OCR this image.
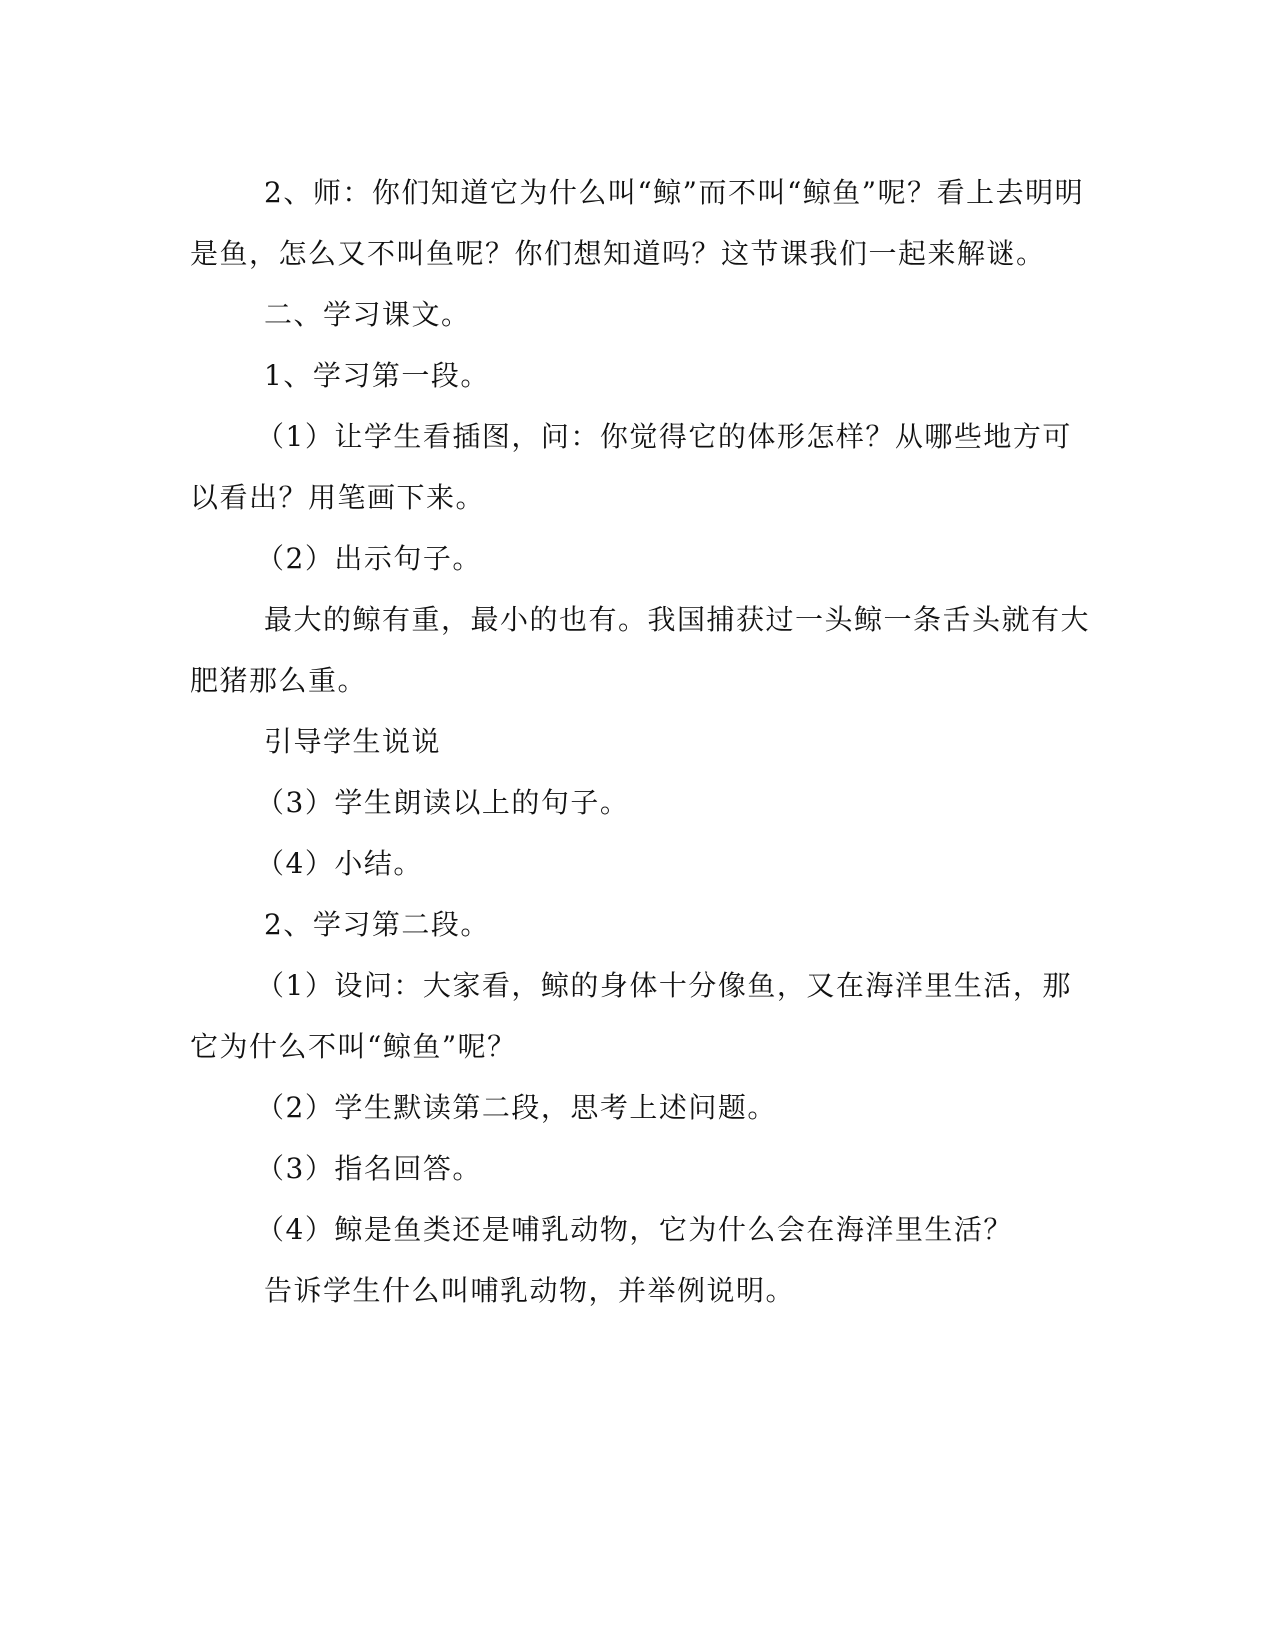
2、师：你们知道它为什么叫“鲸”而不叫“鲸鱼”呢？看上去明明是鱼，怎么又不叫鱼呢？你们想知道吗？这节课我们一起来解谜。

二、学习课文。

1、学习第一段。

（1）让学生看插图，问：你觉得它的体形怎样？从哪些地方可以看出？用笔画下来。

（2）出示句子。

最大的鲸有重，最小的也有。我国捕获过一头鲸一条舌头就有大肥猪那么重。

引导学生说说

（3）学生朗读以上的句子。

（4）小结。

2、学习第二段。

（1）设问：大家看，鲸的身体十分像鱼，又在海洋里生活，那它为什么不叫“鲸鱼”呢？

（2）学生默读第二段，思考上述问题。

（3）指名回答。

（4）鲸是鱼类还是哺乳动物，它为什么会在海洋里生活？

告诉学生什么叫哺乳动物，并举例说明。
